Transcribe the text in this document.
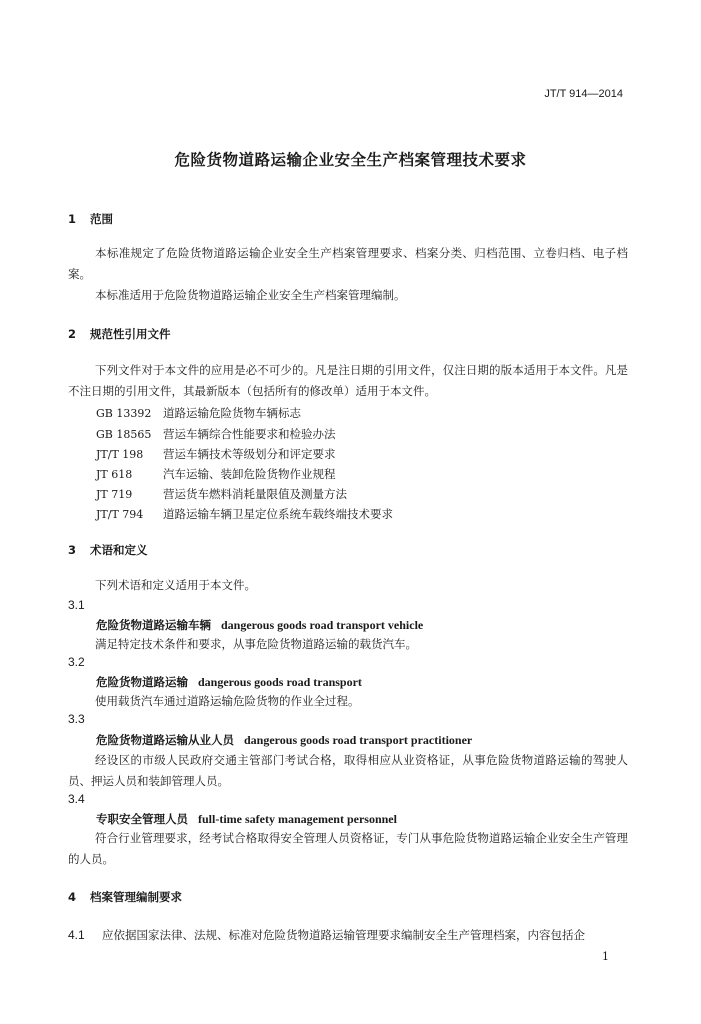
JT/T 914—2014
危险货物道路运输企业安全生产档案管理技术要求
1 范围
本标准规定了危险货物道路运输企业安全生产档案管理要求、档案分类、归档范围、立卷归档、电子档案。
本标准适用于危险货物道路运输企业安全生产档案管理编制。
2 规范性引用文件
下列文件对于本文件的应用是必不可少的。凡是注日期的引用文件，仅注日期的版本适用于本文件。凡是不注日期的引用文件，其最新版本（包括所有的修改单）适用于本文件。
GB 13392 道路运输危险货物车辆标志
GB 18565 营运车辆综合性能要求和检验办法
JT/T 198 营运车辆技术等级划分和评定要求
JT 618	汽车运输、装卸危险货物作业规程
JT 719	营运货车燃料消耗量限值及测量方法
JT/T 794 道路运输车辆卫星定位系统车载终端技术要求
3 术语和定义
下列术语和定义适用于本文件。
3.1
危险货物道路运输车辆 dangerous goods road transport vehicle
满足特定技术条件和要求，从事危险货物道路运输的载货汽车。
3.2
危险货物道路运输 dangerous goods road transport
使用载货汽车通过道路运输危险货物的作业全过程。
3.3
危险货物道路运输从业人员 dangerous goods road transport practitioner
经设区的市级人民政府交通主管部门考试合格，取得相应从业资格证，从事危险货物道路运输的驾驶人员、押运人员和装卸管理人员。
3.4
专职安全管理人员 full-time safety management personnel
符合行业管理要求，经考试合格取得安全管理人员资格证，专门从事危险货物道路运输企业安全生产管理的人员。
4 档案管理编制要求
4.1 应依据国家法律、法规、标准对危险货物道路运输管理要求编制安全生产管理档案，内容包括企
1
